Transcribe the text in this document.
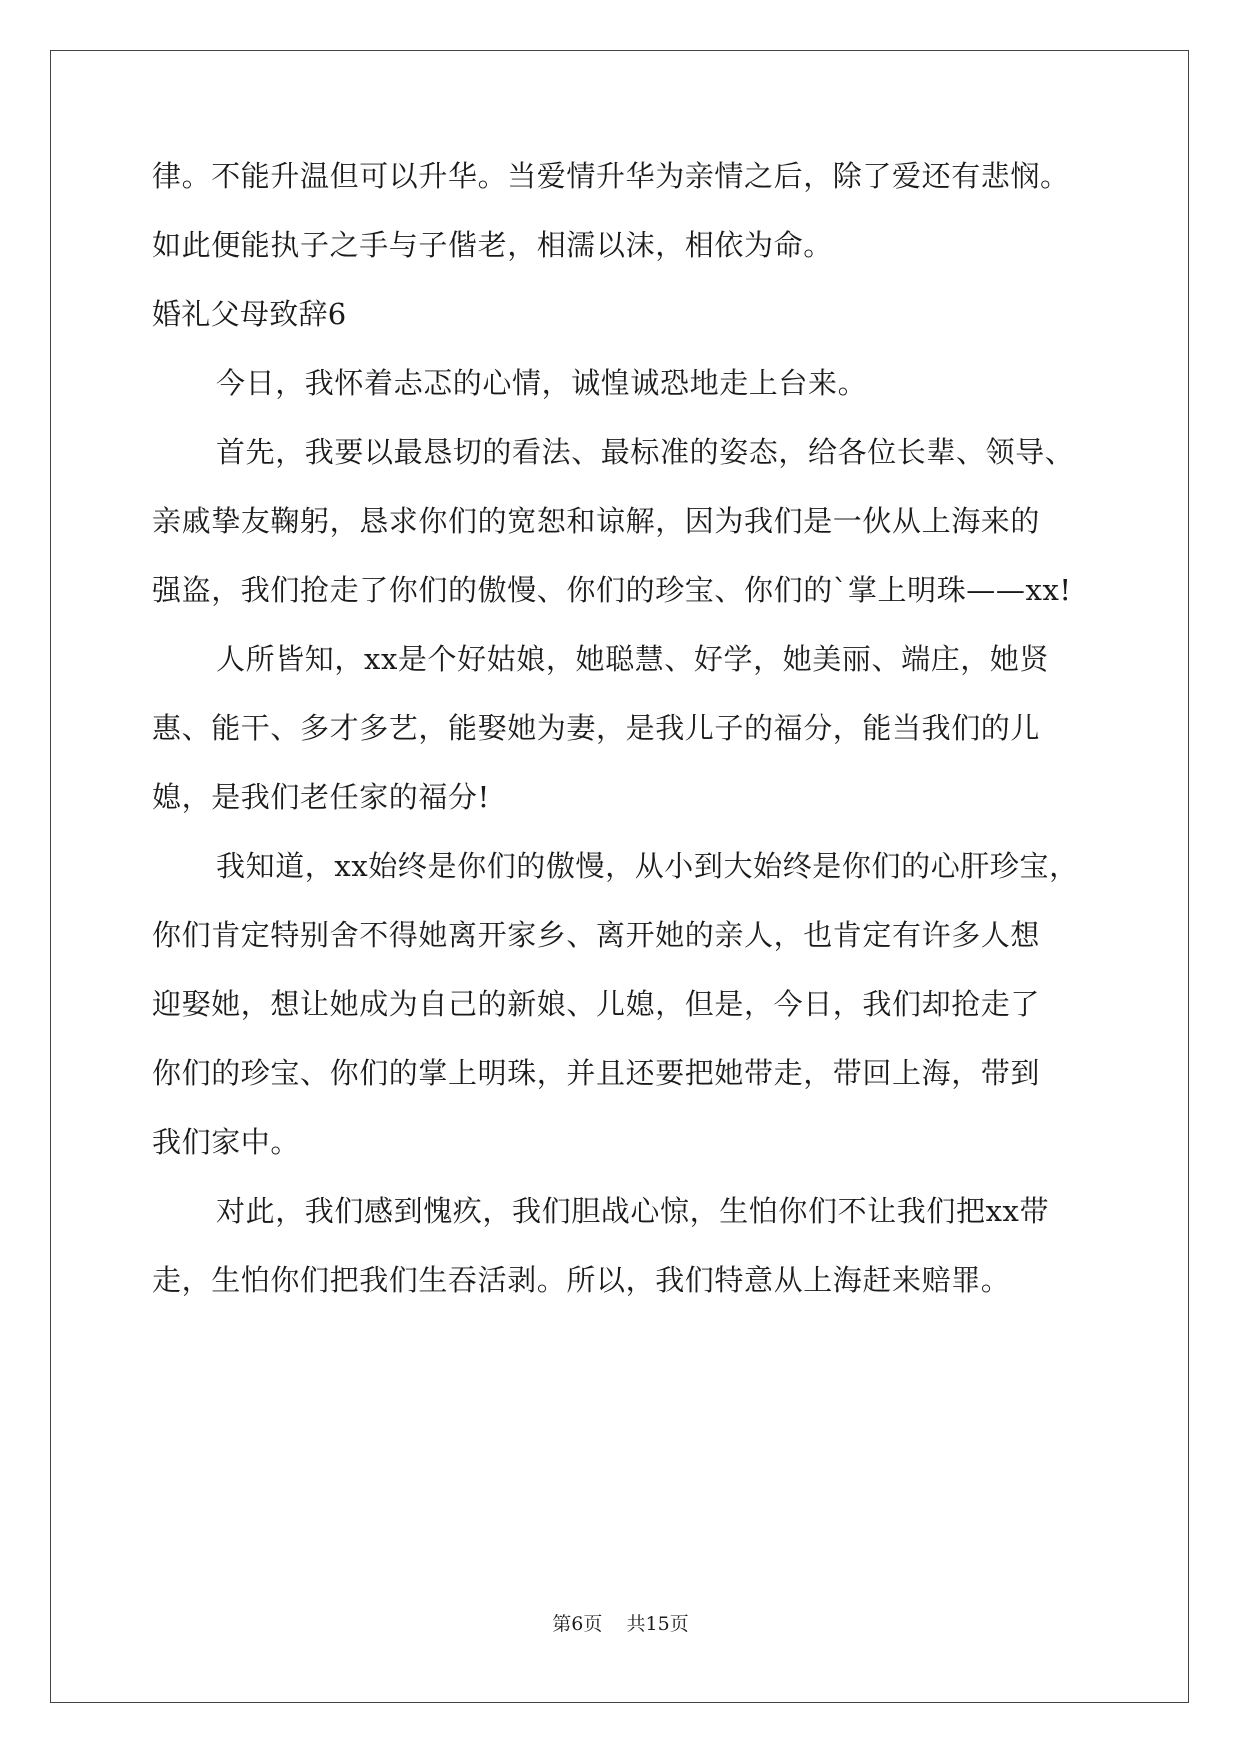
律。不能升温但可以升华。当爱情升华为亲情之后，除了爱还有悲悯。
如此便能执子之手与子偕老，相濡以沫，相依为命。
婚礼父母致辞6
今日，我怀着忐忑的心情，诚惶诚恐地走上台来。
首先，我要以最恳切的看法、最标准的姿态，给各位长辈、领导、
亲戚挚友鞠躬，恳求你们的宽恕和谅解，因为我们是一伙从上海来的
强盗，我们抢走了你们的傲慢、你们的珍宝、你们的`掌上明珠——xx!
人所皆知，xx是个好姑娘，她聪慧、好学，她美丽、端庄，她贤
惠、能干、多才多艺，能娶她为妻，是我儿子的福分，能当我们的儿
媳，是我们老任家的福分!
我知道，xx始终是你们的傲慢，从小到大始终是你们的心肝珍宝，
你们肯定特别舍不得她离开家乡、离开她的亲人，也肯定有许多人想
迎娶她，想让她成为自己的新娘、儿媳，但是，今日，我们却抢走了
你们的珍宝、你们的掌上明珠，并且还要把她带走，带回上海，带到
我们家中。
对此，我们感到愧疚，我们胆战心惊，生怕你们不让我们把xx带
走，生怕你们把我们生吞活剥。所以，我们特意从上海赶来赔罪。
第6页    共15页
